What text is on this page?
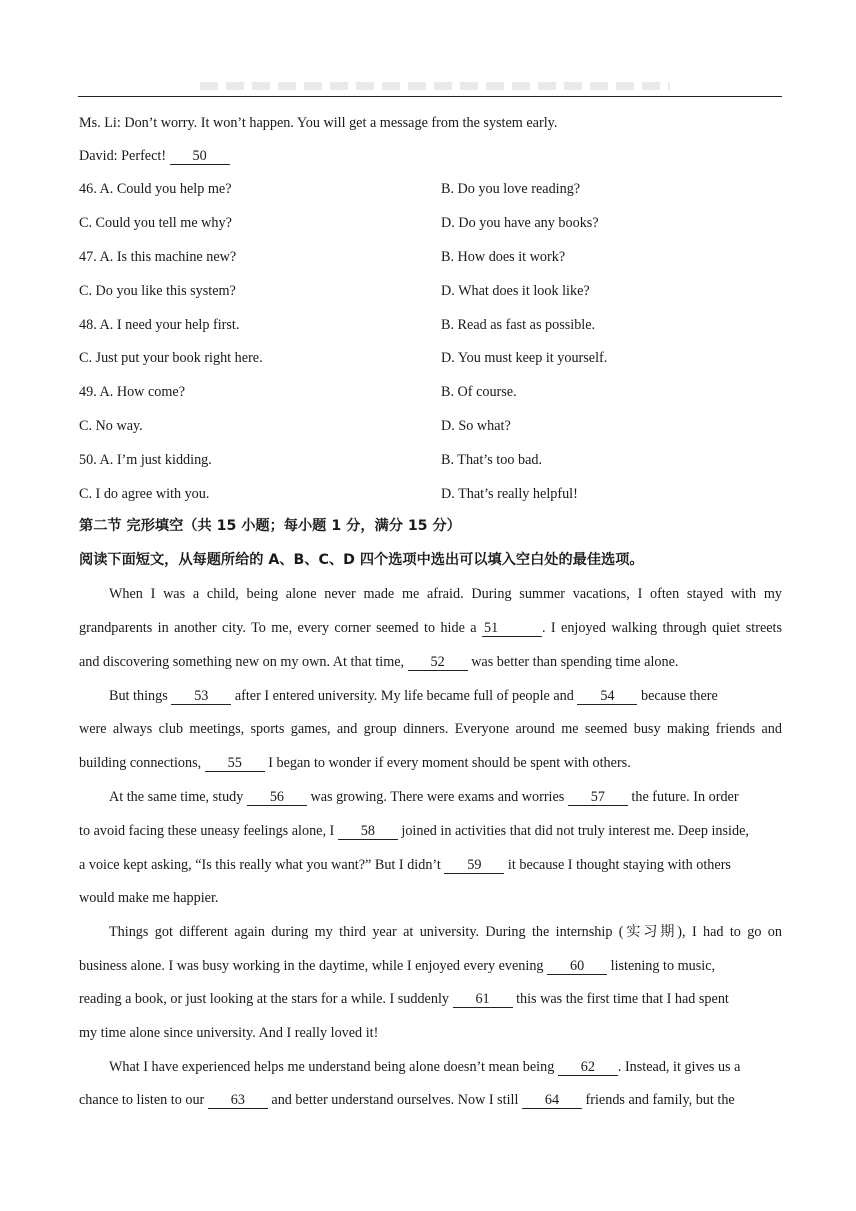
Ms. Li: Don’t worry. It won’t happen. You will get a message from the system early.
David: Perfect! 50
46. A. Could you help me?	B. Do you love reading?
C. Could you tell me why?	D. Do you have any books?
47. A. Is this machine new?	B. How does it work?
C. Do you like this system?	D. What does it look like?
48. A. I need your help first.	B. Read as fast as possible.
C. Just put your book right here.	D. You must keep it yourself.
49. A. How come?	B. Of course.
C. No way.	D. So what?
50. A. I’m just kidding.	B. That’s too bad.
C. I do agree with you.	D. That’s really helpful!
第二节 完形填空（共 15 小题；每小题 1 分，满分 15 分）
阅读下面短文，从每题所给的 A、B、C、D 四个选项中选出可以填入空白处的最佳选项。
When I was a child, being alone never made me afraid. During summer vacations, I often stayed with my
grandparents in another city. To me, every corner seemed to hide a 51	. I enjoyed walking through quiet streets
and discovering something new on my own. At that time, 52 was better than spending time alone.
But things 53 after I entered university. My life became full of people and 54 because there
were always club meetings, sports games, and group dinners. Everyone around me seemed busy making friends and
building connections, 55 I began to wonder if every moment should be spent with others.
At the same time, study 56 was growing. There were exams and worries 57 the future. In order
to avoid facing these uneasy feelings alone, I 58 joined in activities that did not truly interest me. Deep inside,
a voice kept asking, “Is this really what you want?” But I didn’t 59 it because I thought staying with others
would make me happier.
Things got different again during my third year at university. During the internship (实习期), I had to go on
business alone. I was busy working in the daytime, while I enjoyed every evening 60 listening to music,
reading a book, or just looking at the stars for a while. I suddenly 61 this was the first time that I had spent
my time alone since university. And I really loved it!
What I have experienced helps me understand being alone doesn’t mean being 62 . Instead, it gives us a
chance to listen to our 63 and better understand ourselves. Now I still 64 friends and family, but the
